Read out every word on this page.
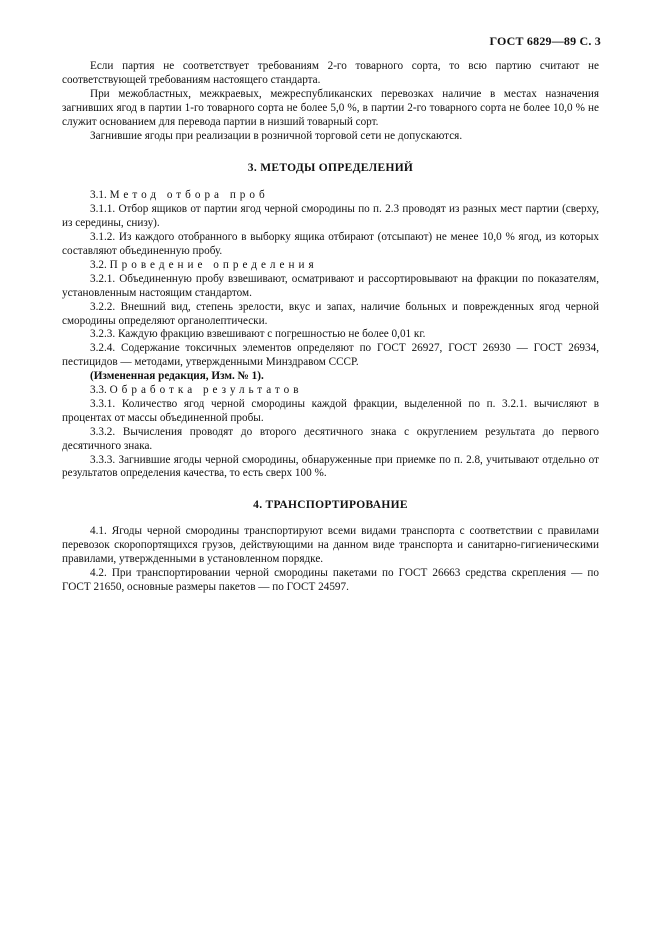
ГОСТ 6829—89 С. 3

Если партия не соответствует требованиям 2-го товарного сорта, то всю партию считают не соответствующей требованиям настоящего стандарта.

При межобластных, межкраевых, межреспубликанских перевозках наличие в местах назначения загнивших ягод в партии 1-го товарного сорта не более 5,0 %, в партии 2-го товарного сорта не более 10,0 % не служит основанием для перевода партии в низший товарный сорт.

Загнившие ягоды при реализации в розничной торговой сети не допускаются.

3. МЕТОДЫ ОПРЕДЕЛЕНИЙ

3.1. Метод отбора проб

3.1.1. Отбор ящиков от партии ягод черной смородины по п. 2.3 проводят из разных мест партии (сверху, из середины, снизу).

3.1.2. Из каждого отобранного в выборку ящика отбирают (отсыпают) не менее 10,0 % ягод, из которых составляют объединенную пробу.

3.2. Проведение определения

3.2.1. Объединенную пробу взвешивают, осматривают и рассортировывают на фракции по показателям, установленным настоящим стандартом.

3.2.2. Внешний вид, степень зрелости, вкус и запах, наличие больных и поврежденных ягод черной смородины определяют органолептически.

3.2.3. Каждую фракцию взвешивают с погрешностью не более 0,01 кг.

3.2.4. Содержание токсичных элементов определяют по ГОСТ 26927, ГОСТ 26930 — ГОСТ 26934, пестицидов — методами, утвержденными Минздравом СССР.

(Измененная редакция, Изм. № 1).

3.3. Обработка результатов

3.3.1. Количество ягод черной смородины каждой фракции, выделенной по п. 3.2.1. вычисляют в процентах от массы объединенной пробы.

3.3.2. Вычисления проводят до второго десятичного знака с округлением результата до первого десятичного знака.

3.3.3. Загнившие ягоды черной смородины, обнаруженные при приемке по п. 2.8, учитывают отдельно от результатов определения качества, то есть сверх 100 %.

4. ТРАНСПОРТИРОВАНИЕ

4.1. Ягоды черной смородины транспортируют всеми видами транспорта с соответствии с правилами перевозок скоропортящихся грузов, действующими на данном виде транспорта и санитарно-гигиеническими правилами, утвержденными в установленном порядке.

4.2. При транспортировании черной смородины пакетами по ГОСТ 26663 средства скрепления — по ГОСТ 21650, основные размеры пакетов — по ГОСТ 24597.
